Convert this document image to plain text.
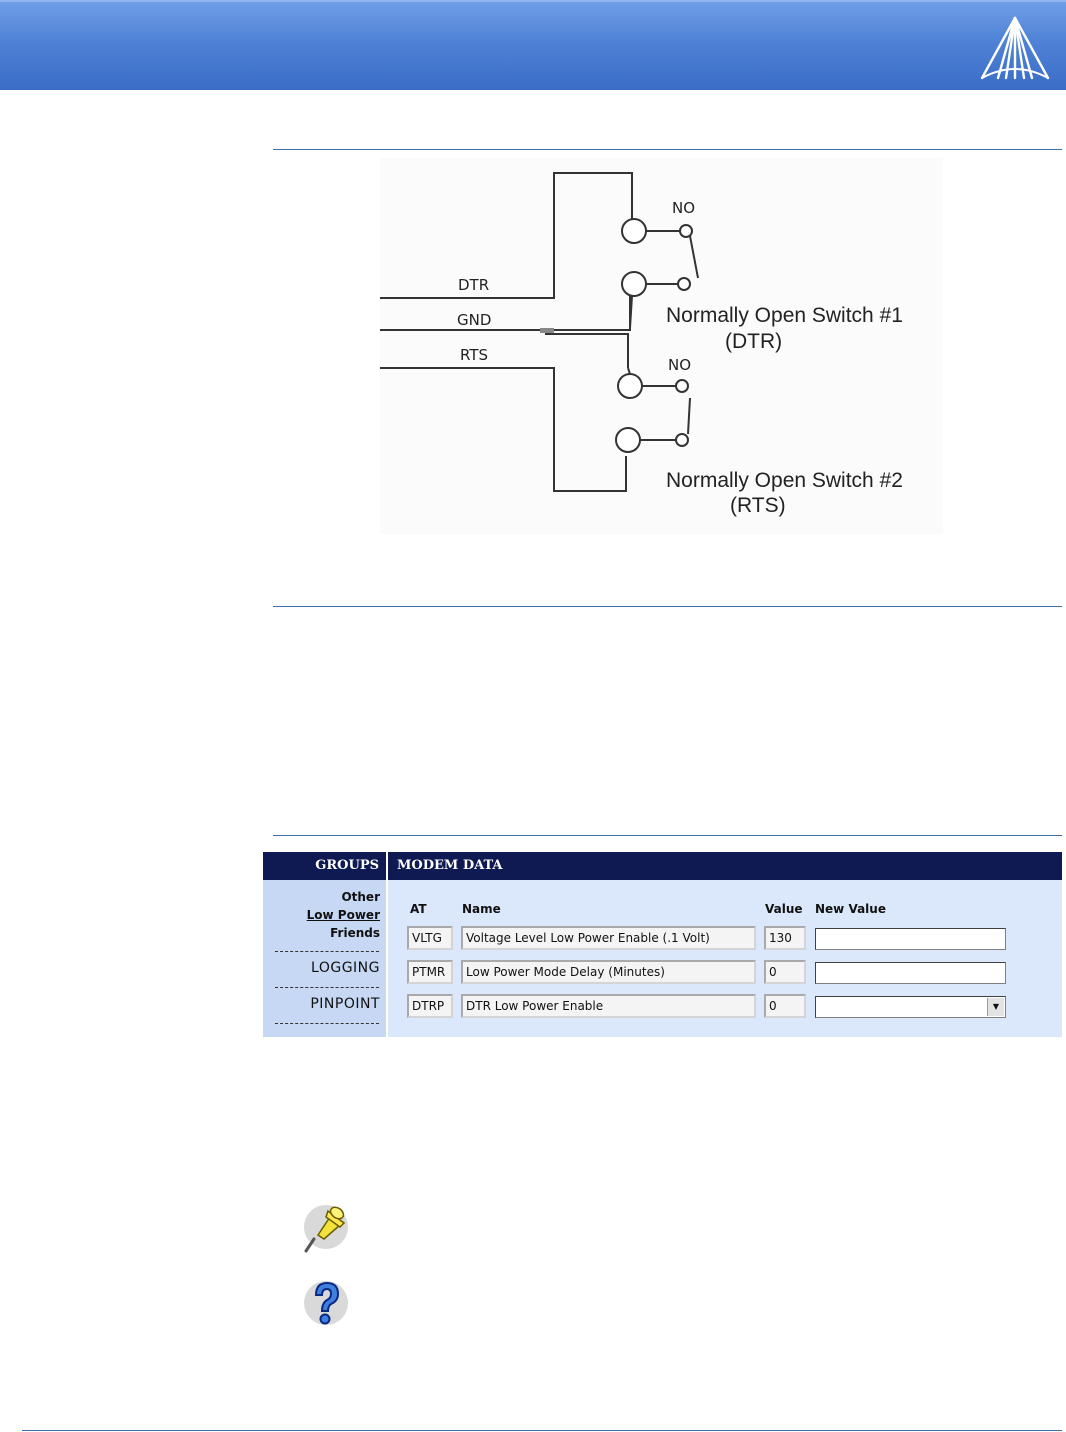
DTR
GND
RTS
NO
Normally Open Switch #1
(DTR)
NO
Normally Open Switch #2
(RTS)
Other
Low Power
Friends
LOGGING
PINPOINT
GROUPS	MODEM DATA
AT	Name	Value New Value
VLTG	Voltage Level Low Power Enable (.1 Volt)	130
PTMR	Low Power Mode Delay (Minutes)	0
DTRP	DTR Low Power Enable	0	▼
